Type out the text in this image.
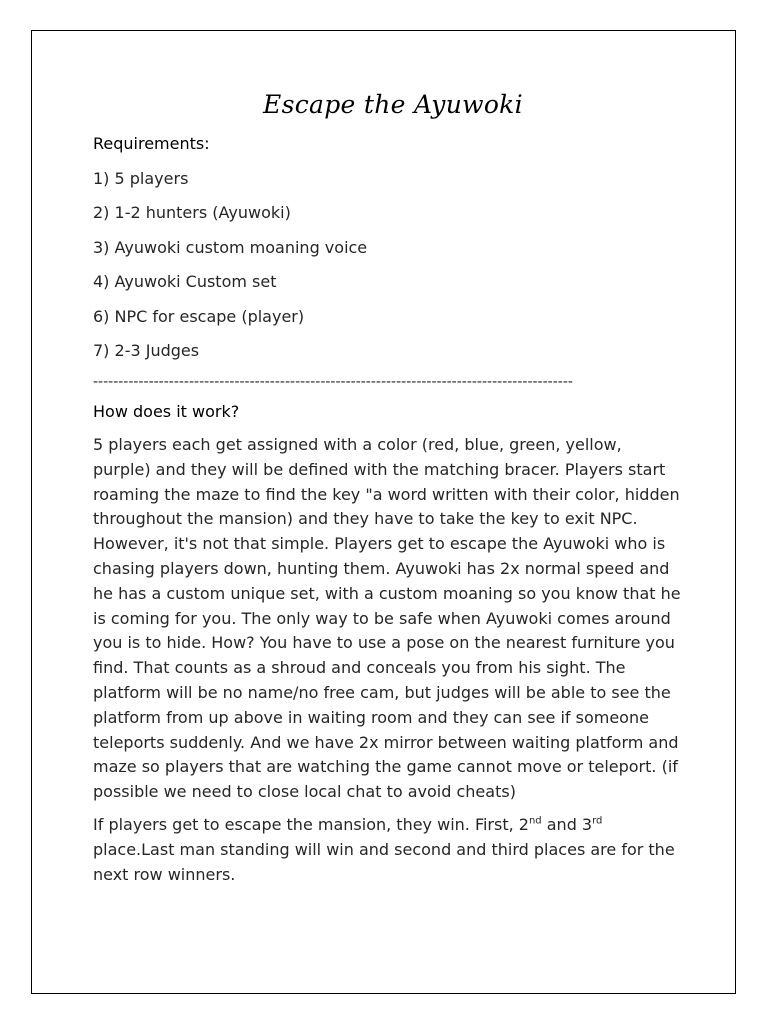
Escape the Ayuwoki
Requirements:
1) 5 players
2) 1-2 hunters (Ayuwoki)
3) Ayuwoki custom moaning voice
4) Ayuwoki Custom set
6) NPC for escape (player)
7) 2-3 Judges
-----------------------------------------------------------------------------------------------
How does it work?

5 players each get assigned with a color (red, blue, green, yellow, purple) and they will be defined with the matching bracer. Players start roaming the maze to find the key "a word written with their color, hidden throughout the mansion) and they have to take the key to exit NPC. However, it's not that simple. Players get to escape the Ayuwoki who is chasing players down, hunting them. Ayuwoki has 2x normal speed and he has a custom unique set, with a custom moaning so you know that he is coming for you. The only way to be safe when Ayuwoki comes around you is to hide. How? You have to use a pose on the nearest furniture you find. That counts as a shroud and conceals you from his sight. The platform will be no name/no free cam, but judges will be able to see the platform from up above in waiting room and they can see if someone teleports suddenly. And we have 2x mirror between waiting platform and maze so players that are watching the game cannot move or teleport. (if possible we need to close local chat to avoid cheats)

If players get to escape the mansion, they win. First, 2nd and 3rd place.Last man standing will win and second and third places are for the next row winners.
